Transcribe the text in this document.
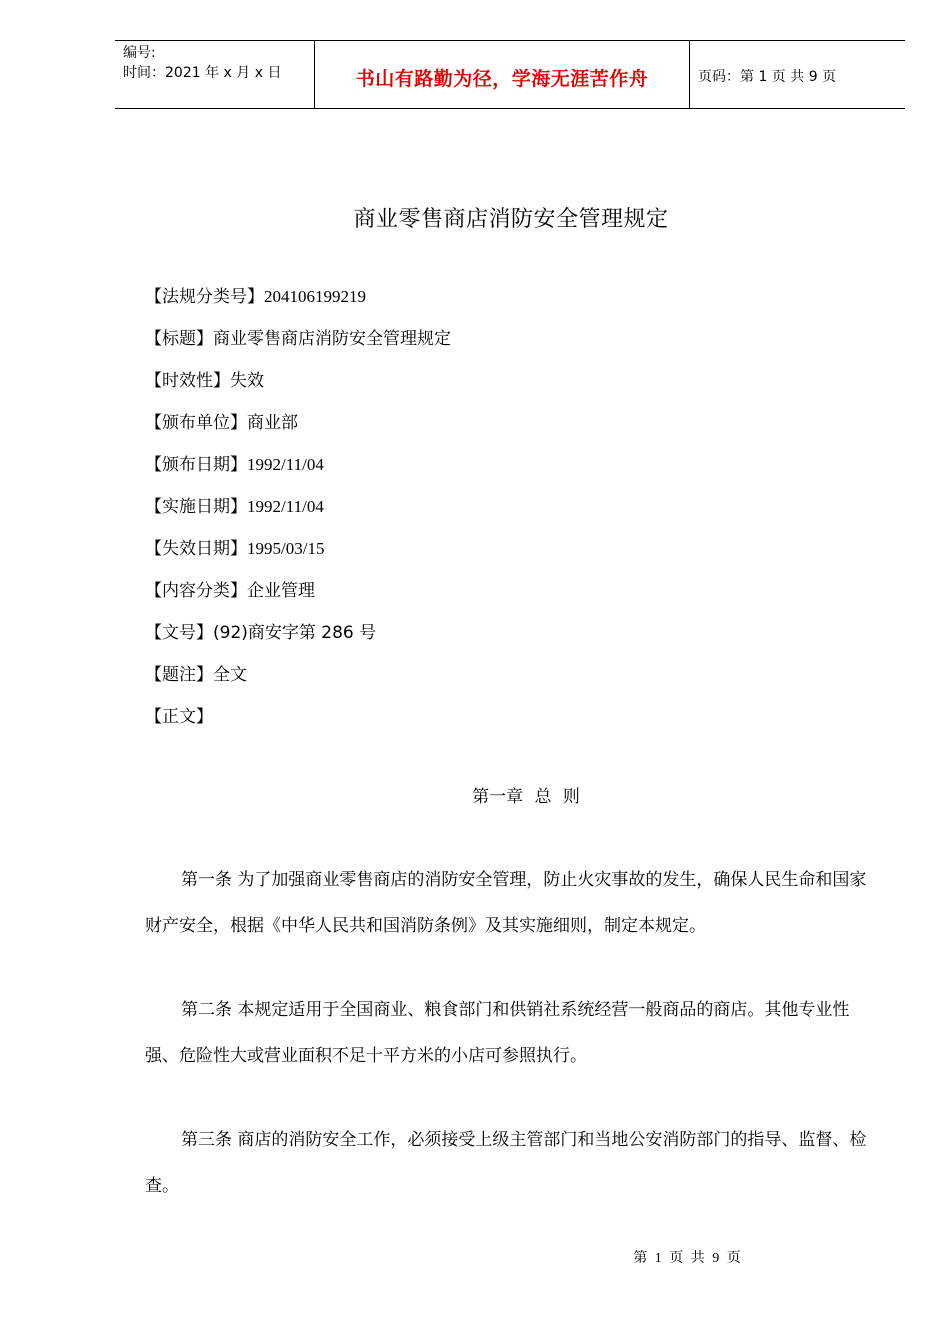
编号:
时间：2021 年 x 月 x 日	书山有路勤为径，学海无涯苦作舟	页码：第 1 页 共 9 页
商业零售商店消防安全管理规定
【法规分类号】204106199219
【标题】商业零售商店消防安全管理规定
【时效性】失效
【颁布单位】商业部
【颁布日期】1992/11/04
【实施日期】1992/11/04
【失效日期】1995/03/15
【内容分类】企业管理
【文号】(92)商安字第 286 号
【题注】全文
【正文】
第一章 总 则
第一条 为了加强商业零售商店的消防安全管理，防止火灾事故的发生，确保人民生命和国家财产安全，根据《中华人民共和国消防条例》及其实施细则，制定本规定。
第二条 本规定适用于全国商业、粮食部门和供销社系统经营一般商品的商店。其他专业性强、危险性大或营业面积不足十平方米的小店可参照执行。
第三条 商店的消防安全工作，必须接受上级主管部门和当地公安消防部门的指导、监督、检查。
第 1 页 共 9 页
